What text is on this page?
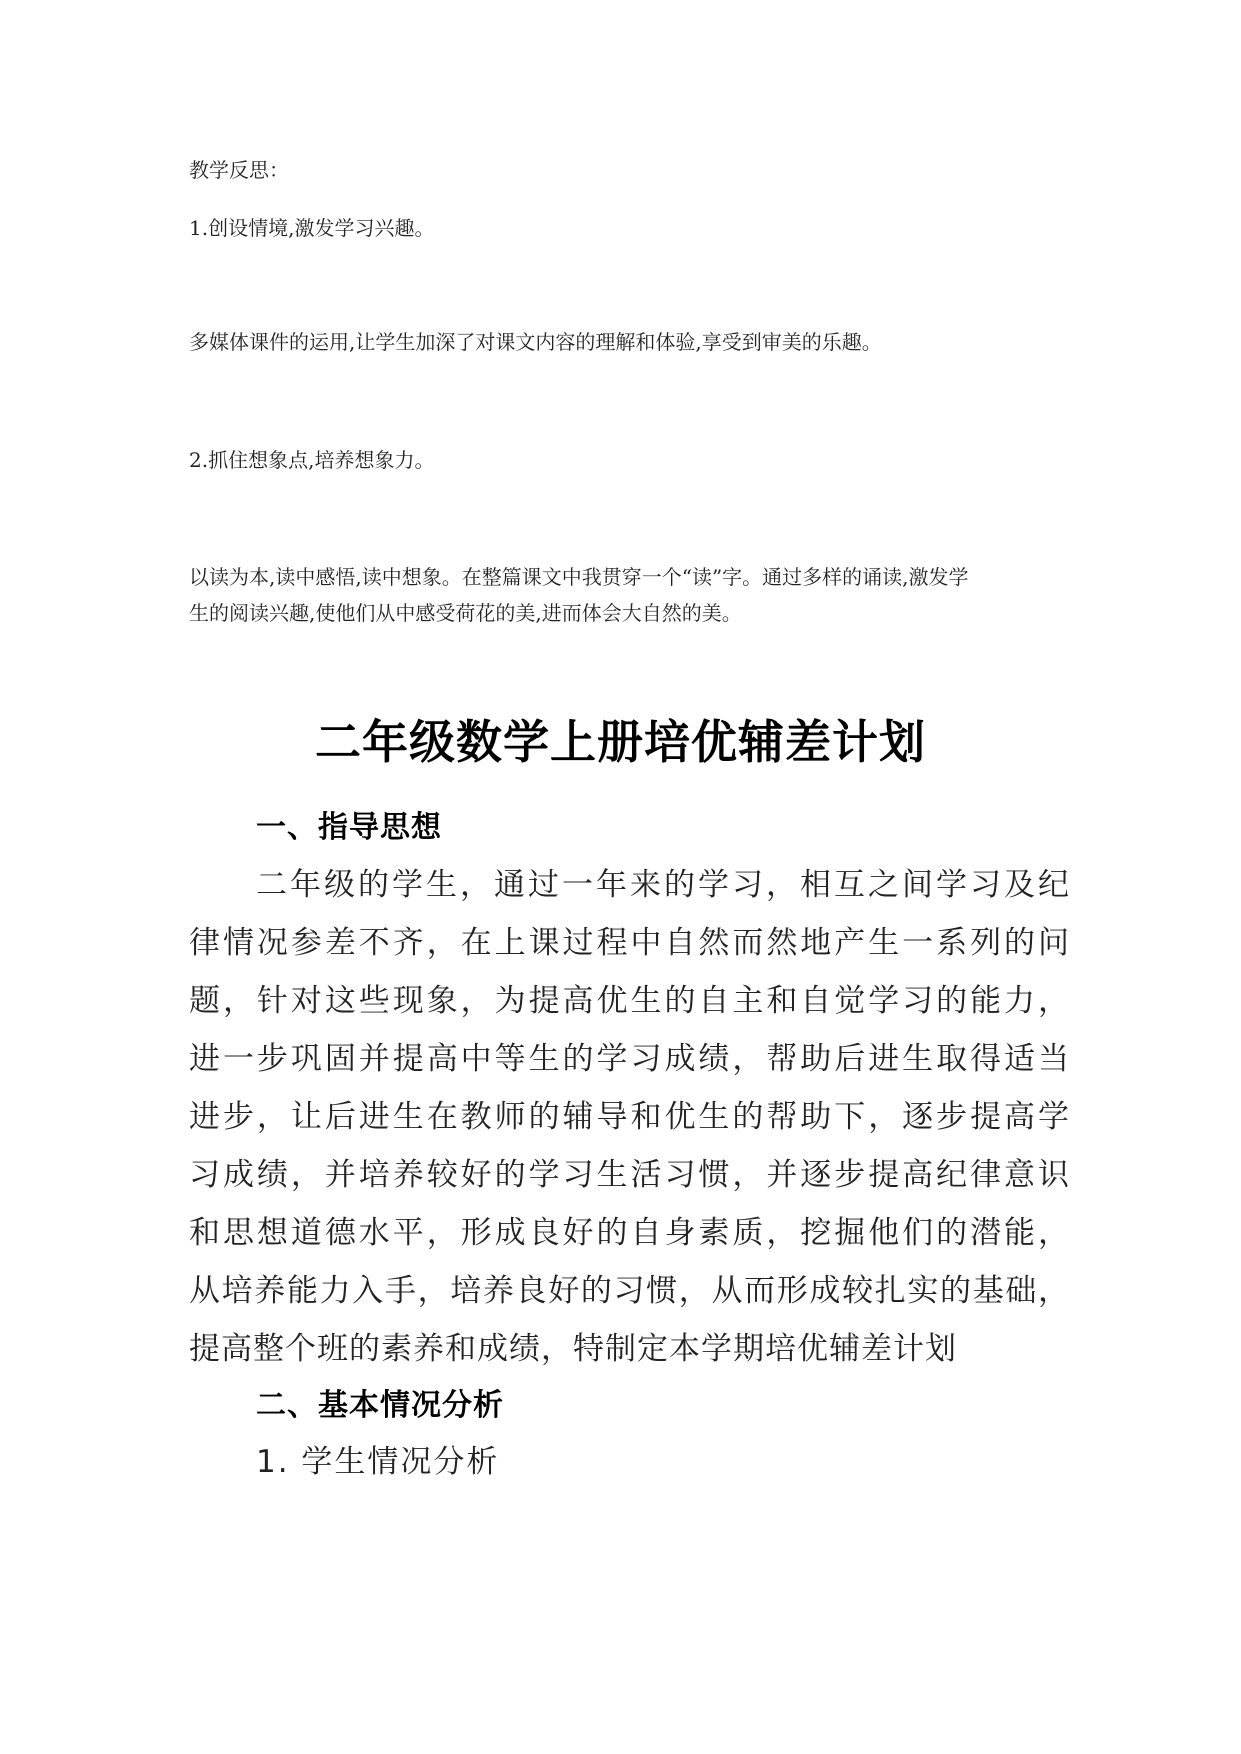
教学反思：

1.创设情境,激发学习兴趣。

多媒体课件的运用,让学生加深了对课文内容的理解和体验,享受到审美的乐趣。

2.抓住想象点,培养想象力。

以读为本,读中感悟,读中想象。在整篇课文中我贯穿一个“读”字。通过多样的诵读,激发学

生的阅读兴趣,使他们从中感受荷花的美,进而体会大自然的美。

二年级数学上册培优辅差计划
一、指导思想

二年级的学生，通过一年来的学习，相互之间学习及纪

律情况参差不齐，在上课过程中自然而然地产生一系列的问

题，针对这些现象，为提高优生的自主和自觉学习的能力，

进一步巩固并提高中等生的学习成绩，帮助后进生取得适当

进步，让后进生在教师的辅导和优生的帮助下，逐步提高学

习成绩，并培养较好的学习生活习惯，并逐步提高纪律意识

和思想道德水平，形成良好的自身素质，挖掘他们的潜能，

从培养能力入手，培养良好的习惯，从而形成较扎实的基础，

提高整个班的素养和成绩，特制定本学期培优辅差计划

二、基本情况分析

1. 学生情况分析
